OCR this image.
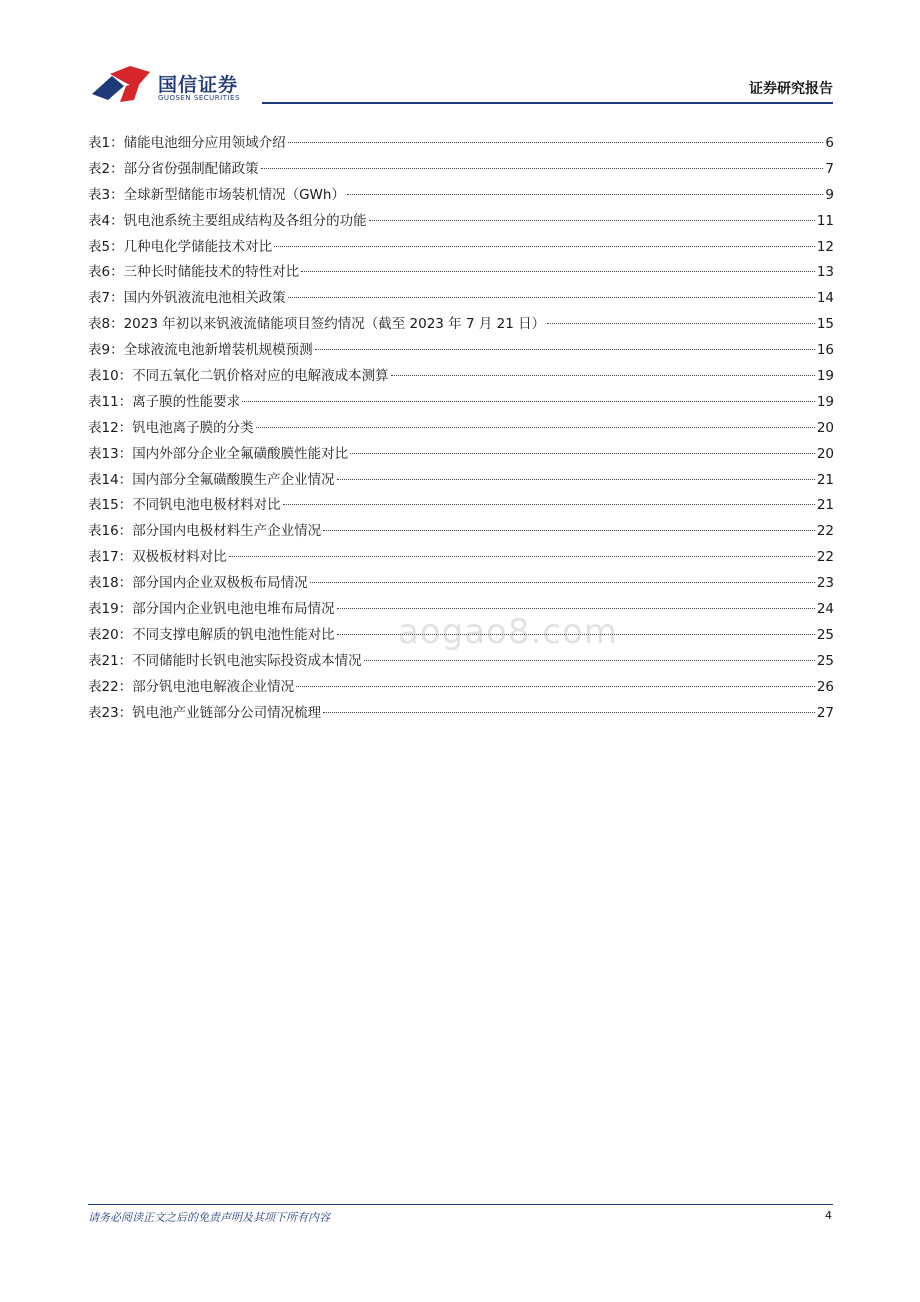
国信证券
GUOSEN SECURITIES
证券研究报告
表1： 储能电池细分应用领域介绍	6
表2： 部分省份强制配储政策	7
表3： 全球新型储能市场装机情况（GWh）	9
表4： 钒电池系统主要组成结构及各组分的功能	11
表5： 几种电化学储能技术对比	12
表6： 三种长时储能技术的特性对比	13
表7： 国内外钒液流电池相关政策	14
表8： 2023 年初以来钒液流储能项目签约情况（截至 2023 年 7 月 21 日）	15
表9： 全球液流电池新增装机规模预测	16
表10： 不同五氧化二钒价格对应的电解液成本测算	19
表11： 离子膜的性能要求	19
表12： 钒电池离子膜的分类	20
表13： 国内外部分企业全氟磺酸膜性能对比	20
表14： 国内部分全氟磺酸膜生产企业情况	21
表15： 不同钒电池电极材料对比	21
表16： 部分国内电极材料生产企业情况	22
表17： 双极板材料对比	22
表18： 部分国内企业双极板布局情况	23
表19： 部分国内企业钒电池电堆布局情况	24
表20： 不同支撑电解质的钒电池性能对比	25
表21： 不同储能时长钒电池实际投资成本情况	25
表22： 部分钒电池电解液企业情况	26
表23： 钒电池产业链部分公司情况梳理	27
aogao8.com
请务必阅读正文之后的免责声明及其项下所有内容	4
